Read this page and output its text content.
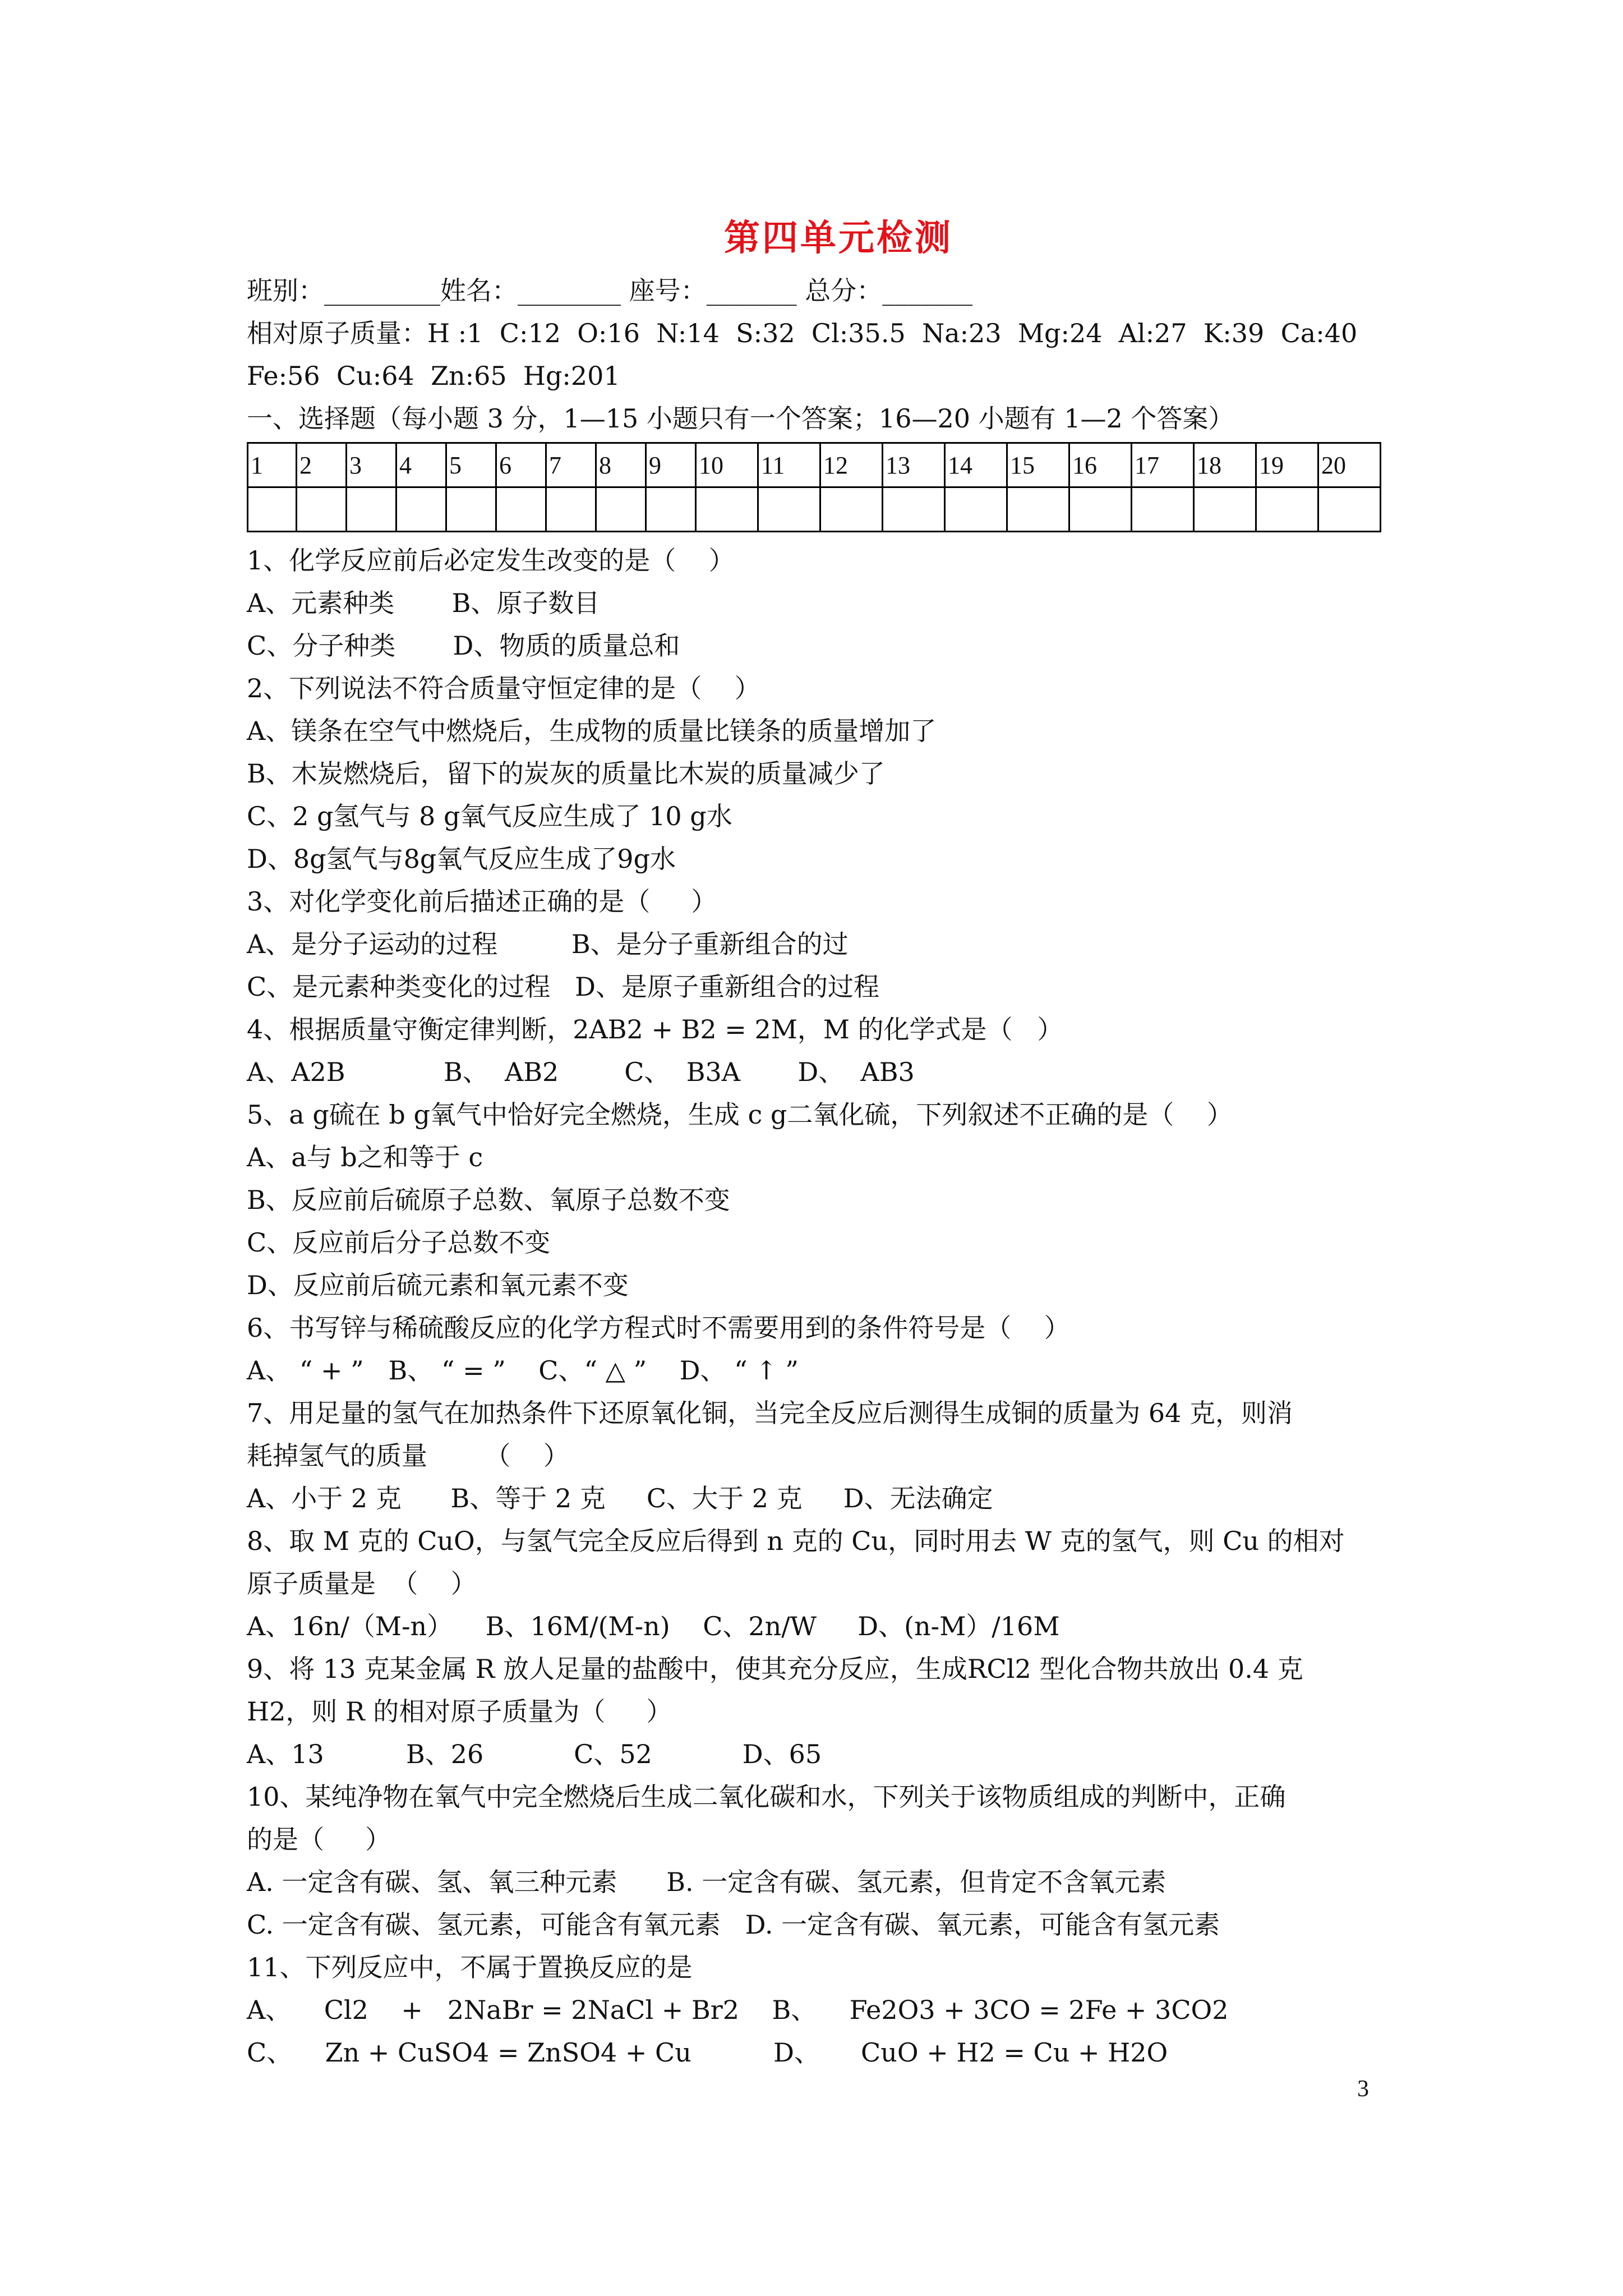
第四单元检测
班别：_________姓名：________ 座号：_______ 总分：_______
相对原子质量：H :1  C:12  O:16  N:14  S:32  Cl:35.5  Na:23  Mg:24  Al:27  K:39  Ca:40
Fe:56  Cu:64  Zn:65  Hg:201
一、选择题（每小题 3 分，1—15 小题只有一个答案；16—20 小题有 1—2 个答案）
1	2	3	4	5	6	7	8	9	10	11	12	13	14	15	16	17	18	19	20

1、化学反应前后必定发生改变的是（    ）
A、元素种类       B、原子数目
C、分子种类       D、物质的质量总和
2、下列说法不符合质量守恒定律的是（    ）
A、镁条在空气中燃烧后，生成物的质量比镁条的质量增加了
B、木炭燃烧后，留下的炭灰的质量比木炭的质量减少了
C、2 g氢气与 8 g氧气反应生成了 10 g水
D、8g氢气与8g氧气反应生成了9g水
3、对化学变化前后描述正确的是（     ）
A、是分子运动的过程         B、是分子重新组合的过
C、是元素种类变化的过程   D、是原子重新组合的过程
4、根据质量守衡定律判断，2AB2 + B2 = 2M，M 的化学式是（   ）
A、A2B            B、  AB2        C、  B3A       D、  AB3
5、a g硫在 b g氧气中恰好完全燃烧，生成 c g二氧化硫，下列叙述不正确的是（    ）
A、a与 b之和等于 c
B、反应前后硫原子总数、氧原子总数不变
C、反应前后分子总数不变
D、反应前后硫元素和氧元素不变
6、书写锌与稀硫酸反应的化学方程式时不需要用到的条件符号是（    ）
A、 “ + ”   B、 “ = ”    C、“ △ ”    D、 “ ↑ ”
7、用足量的氢气在加热条件下还原氧化铜，当完全反应后测得生成铜的质量为 64 克，则消
耗掉氢气的质量       （    ）
A、小于 2 克      B、等于 2 克     C、大于 2 克     D、无法确定
8、取 M 克的 CuO，与氢气完全反应后得到 n 克的 Cu，同时用去 W 克的氢气，则 Cu 的相对
原子质量是  （    ）
A、16n/（M-n）    B、16M/(M-n)    C、2n/W     D、(n-M）/16M
9、将 13 克某金属 R 放人足量的盐酸中，使其充分反应，生成RCl2 型化合物共放出 0.4 克
H2，则 R 的相对原子质量为（     ）
A、13          B、26           C、52           D、65
10、某纯净物在氧气中完全燃烧后生成二氧化碳和水，下列关于该物质组成的判断中，正确
的是（     ）
A. 一定含有碳、氢、氧三种元素      B. 一定含有碳、氢元素，但肯定不含氧元素
C. 一定含有碳、氢元素，可能含有氧元素   D. 一定含有碳、氧元素，可能含有氢元素
11、下列反应中，不属于置换反应的是
A、    Cl2    +   2NaBr = 2NaCl + Br2    B、    Fe2O3 + 3CO = 2Fe + 3CO2
C、    Zn + CuSO4 = ZnSO4 + Cu          D、     CuO + H2 = Cu + H2O
3
